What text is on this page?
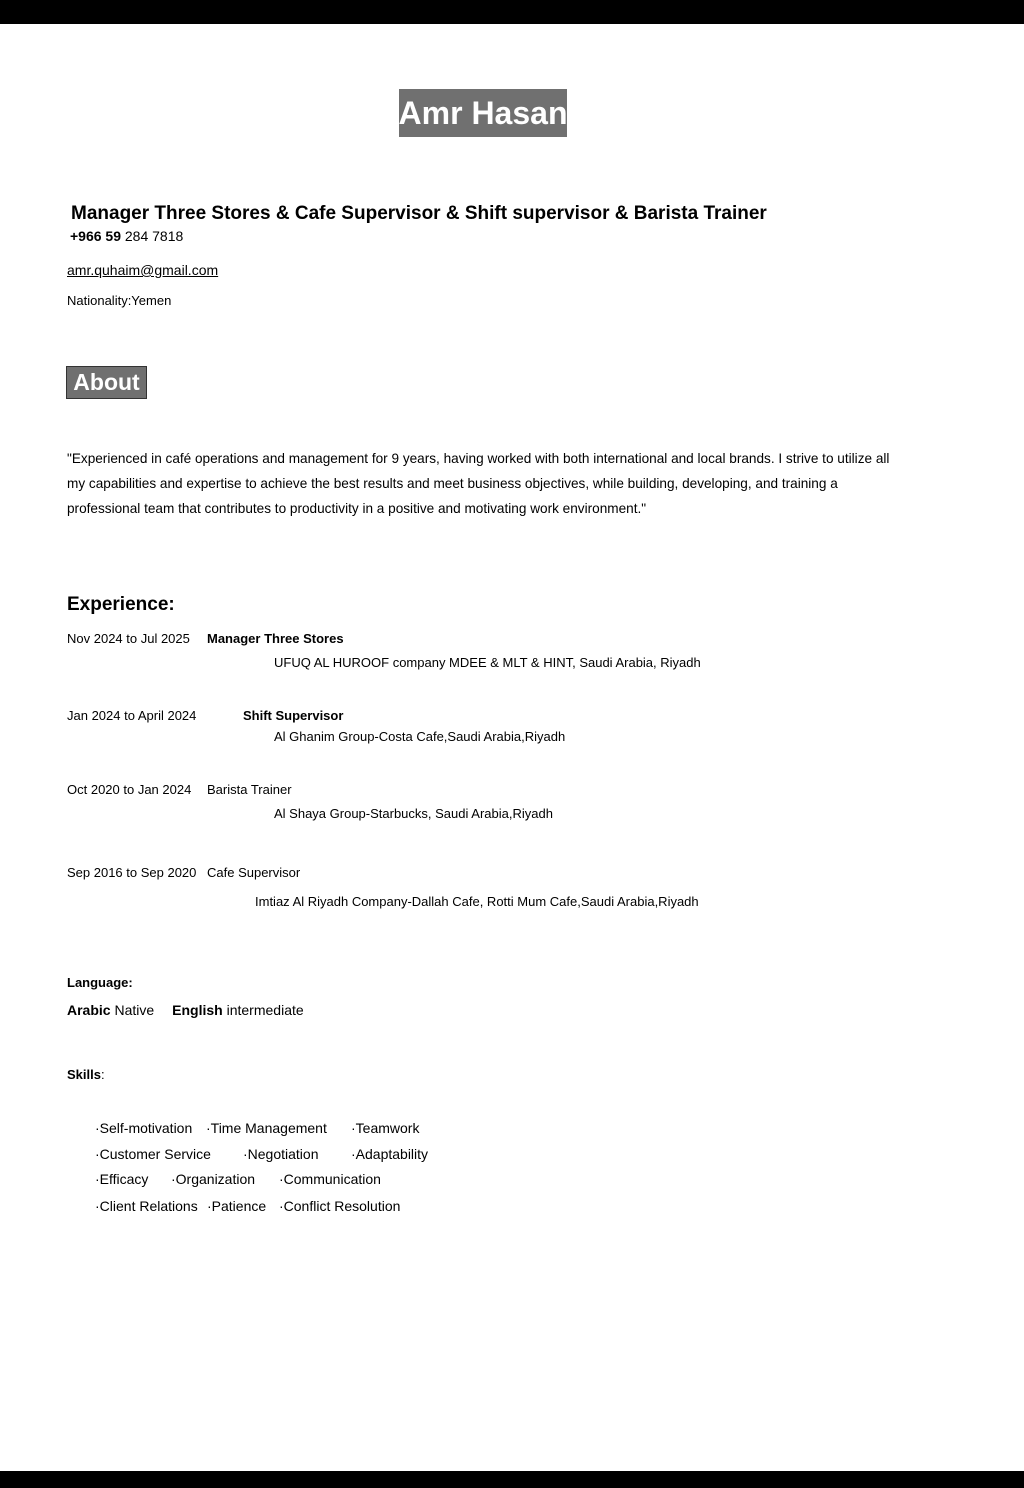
Amr Hasan
Manager Three Stores & Cafe Supervisor & Shift supervisor & Barista Trainer
+966 59 284 7818
amr.quhaim@gmail.com
Nationality:Yemen
About
"Experienced in café operations and management for 9 years, having worked with both international and local brands. I strive to utilize all my capabilities and expertise to achieve the best results and meet business objectives, while building, developing, and training a professional team that contributes to productivity in a positive and motivating work environment."
Experience:
Nov 2024 to Jul 2025 Manager Three Stores
UFUQ AL HUROOF company MDEE & MLT & HINT, Saudi Arabia, Riyadh
Jan 2024 to April 2024	Shift Supervisor
Al Ghanim Group-Costa Cafe,Saudi Arabia,Riyadh
Oct 2020 to Jan 2024 Barista Trainer
Al Shaya Group-Starbucks, Saudi Arabia,Riyadh
Sep 2016 to Sep 2020 Cafe Supervisor
Imtiaz Al Riyadh Company-Dallah Cafe, Rotti Mum Cafe,Saudi Arabia,Riyadh
Language:
Arabic Native English intermediate
Skills:
·Self-motivation ·Time Management ·Teamwork
·Customer Service ·Negotiation ·Adaptability
·Efficacy ·Organization ·Communication
·Client Relations ·Patience ·Conflict Resolution
